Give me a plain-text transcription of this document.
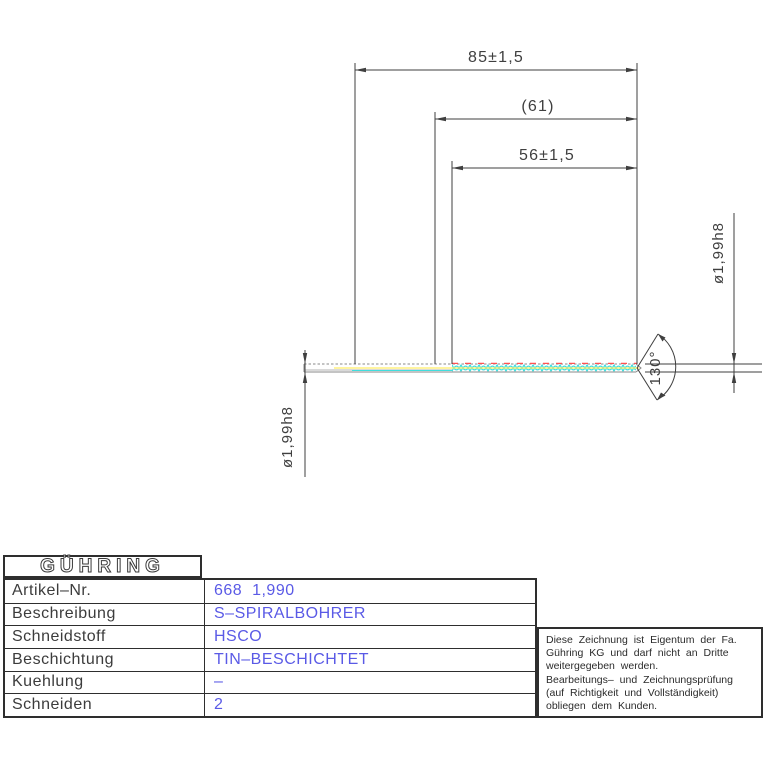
85±1,5
(61)
56±1,5
ø1,99h8
ø1,99h8
130°
GÜHRING
Artikel–Nr.	668  1,990
Beschreibung	S–SPIRALBOHRER
Schneidstoff	HSCO
Beschichtung	TIN–BESCHICHTET
Kuehlung	–
Schneiden	2
Diese Zeichnung ist Eigentum der Fa.
Gühring KG und darf nicht an Dritte
weitergegeben werden.
Bearbeitungs– und Zeichnungsprüfung
(auf Richtigkeit und Vollständigkeit)
obliegen dem Kunden.
